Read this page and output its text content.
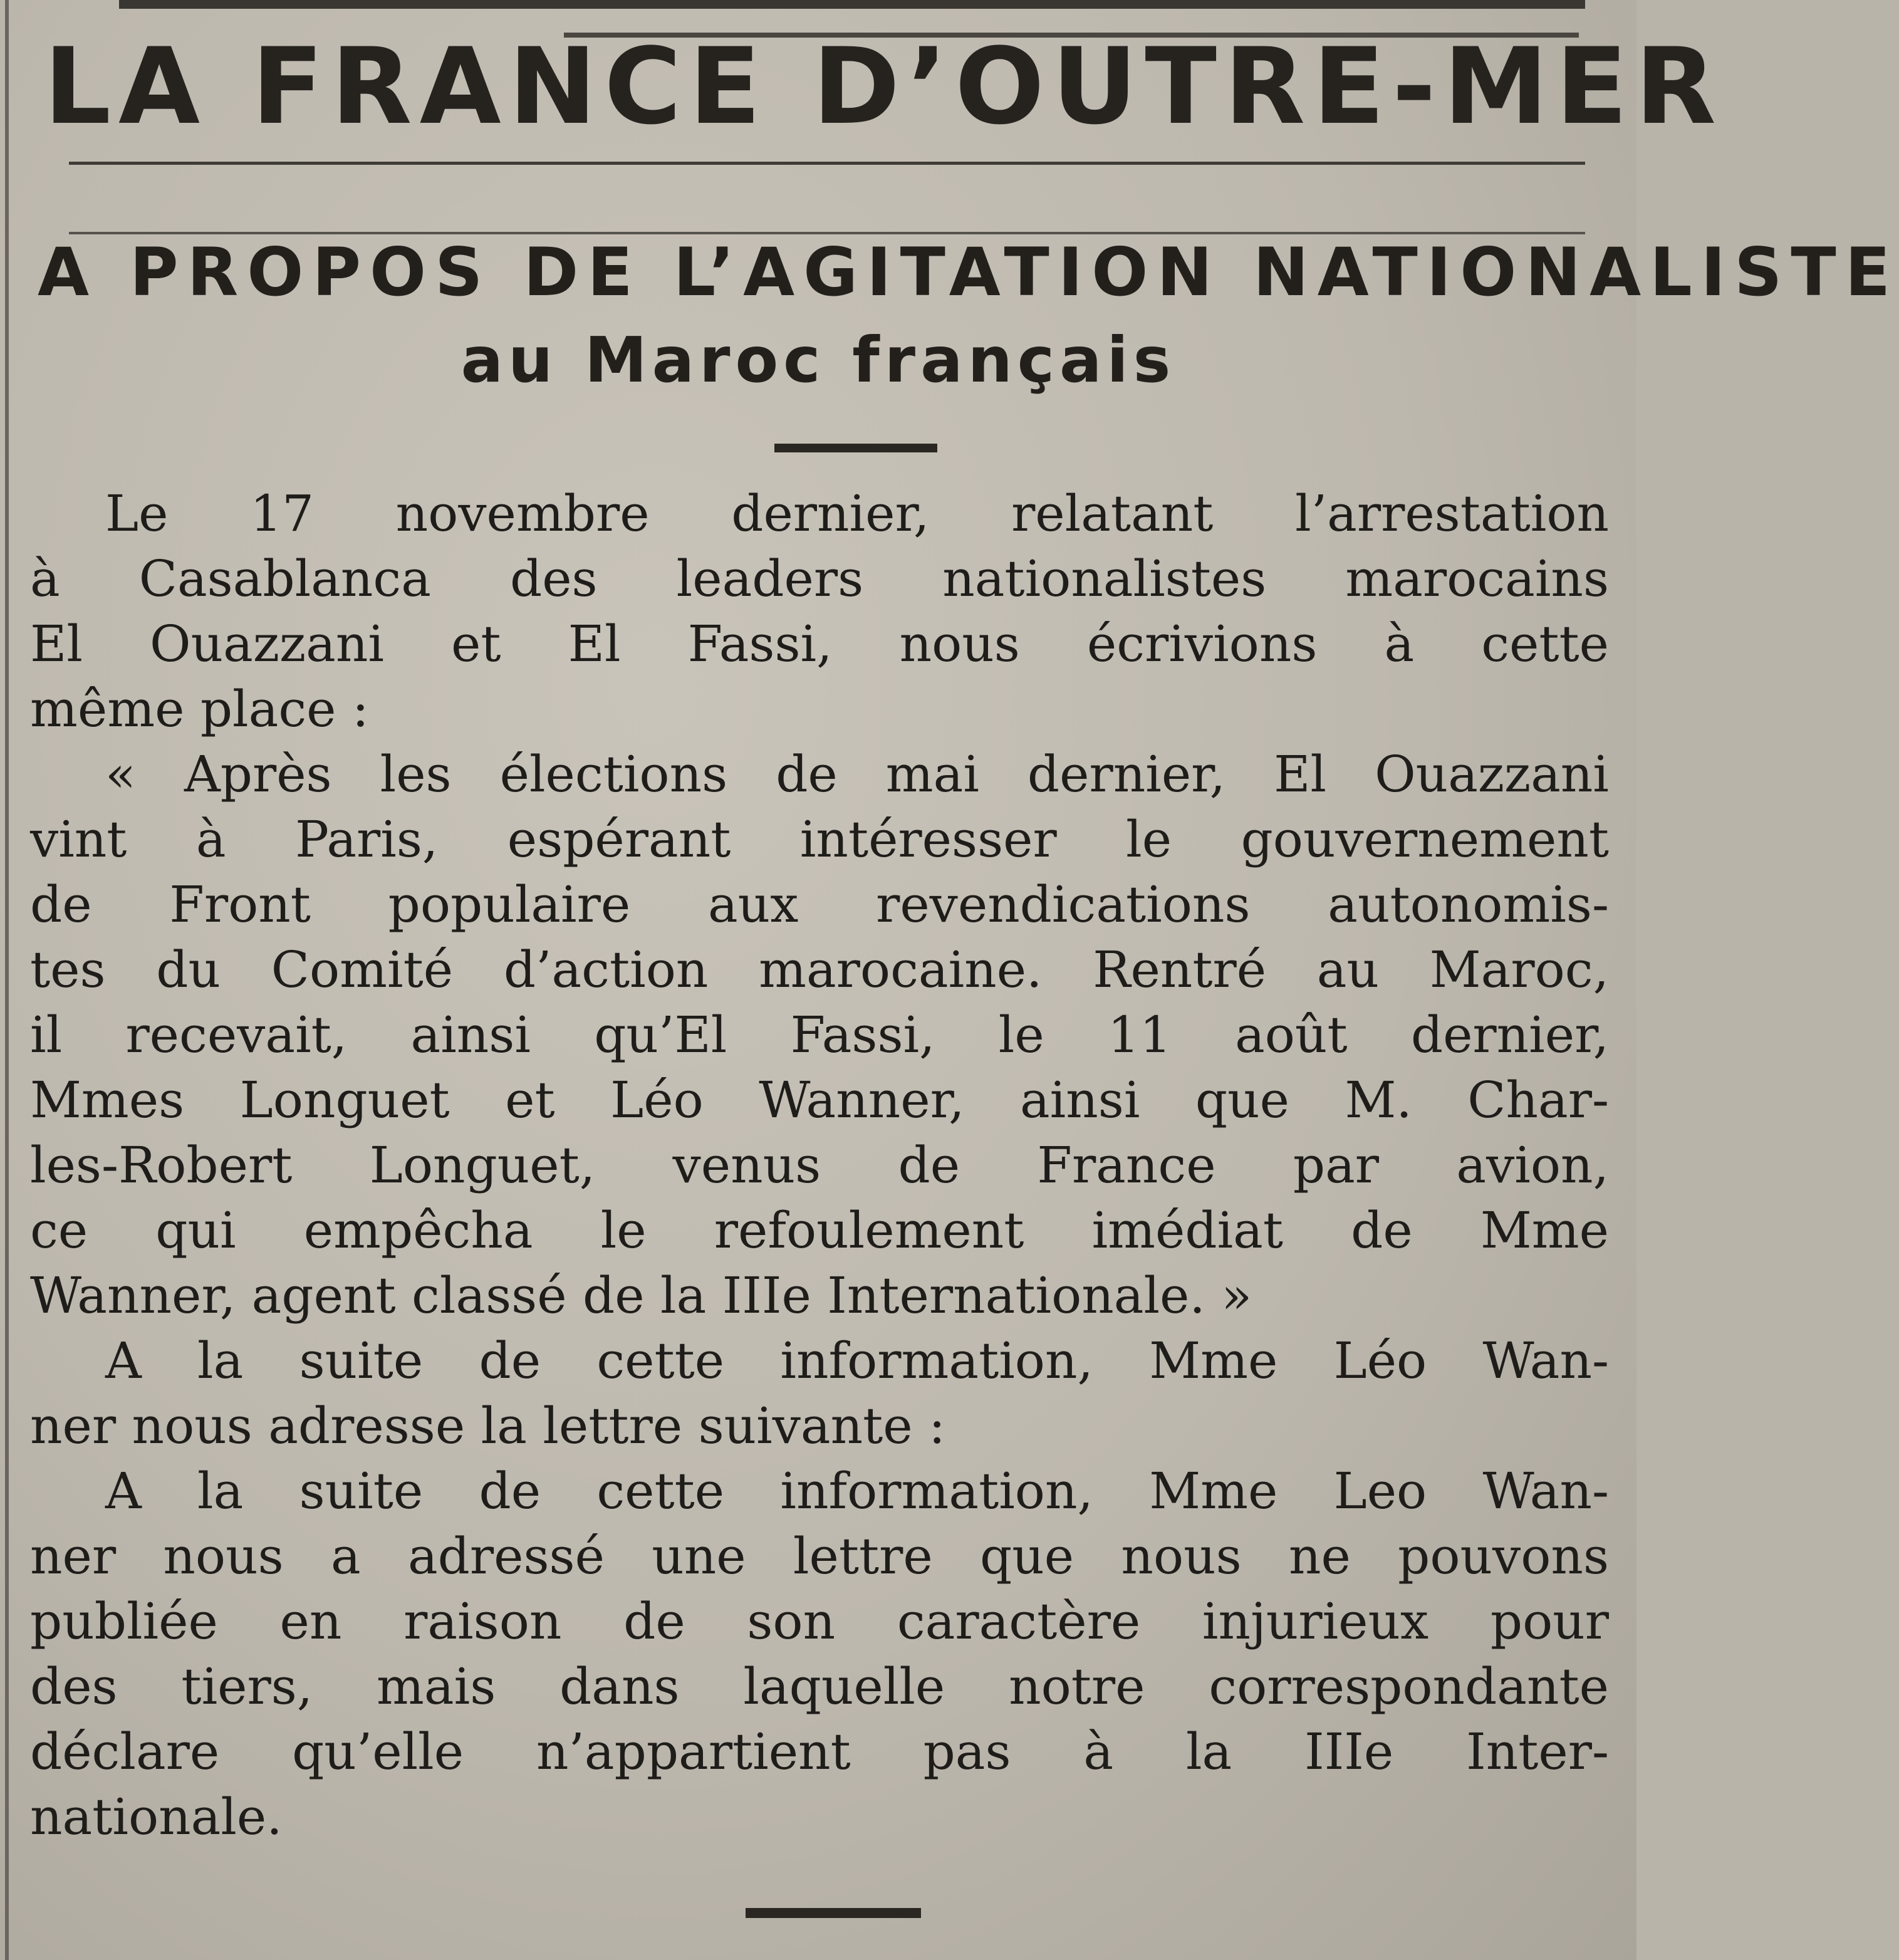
LA FRANCE D’OUTRE-MER
A PROPOS DE L’AGITATION NATIONALISTE
au Maroc français
Le 17 novembre dernier, relatant l’arrestation
à Casablanca des leaders nationalistes marocains
El Ouazzani et El Fassi, nous écrivions à cette
même place :
« Après les élections de mai dernier, El Ouazzani
vint à Paris, espérant intéresser le gouvernement
de Front populaire aux revendications autonomis-
tes du Comité d’action marocaine. Rentré au Maroc,
il recevait, ainsi qu’El Fassi, le 11 août dernier,
Mmes Longuet et Léo Wanner, ainsi que M. Char-
les-Robert Longuet, venus de France par avion,
ce qui empêcha le refoulement imédiat de Mme
Wanner, agent classé de la IIIe Internationale. »
A la suite de cette information, Mme Léo Wan-
ner nous adresse la lettre suivante :
A la suite de cette information, Mme Leo Wan-
ner nous a adressé une lettre que nous ne pouvons
publiée en raison de son caractère injurieux pour
des tiers, mais dans laquelle notre correspondante
déclare qu’elle n’appartient pas à la IIIe Inter-
nationale.
